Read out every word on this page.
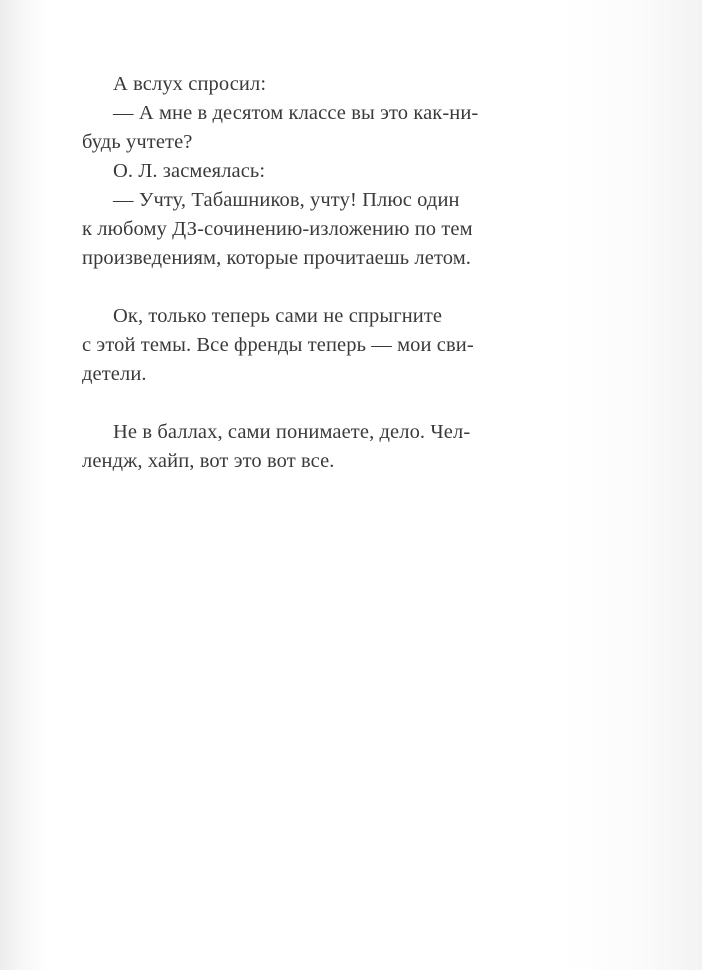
А вслух спросил:
— А мне в десятом классе вы это как-ни-
будь учтете?
О. Л. засмеялась:
— Учту, Табашников, учту! Плюс один
к любому ДЗ-сочинению-изложению по тем
произведениям, которые прочитаешь летом.
Ок, только теперь сами не спрыгните
с этой темы. Все френды теперь — мои сви-
детели.
Не в баллах, сами понимаете, дело. Чел-
лендж, хайп, вот это вот все.
